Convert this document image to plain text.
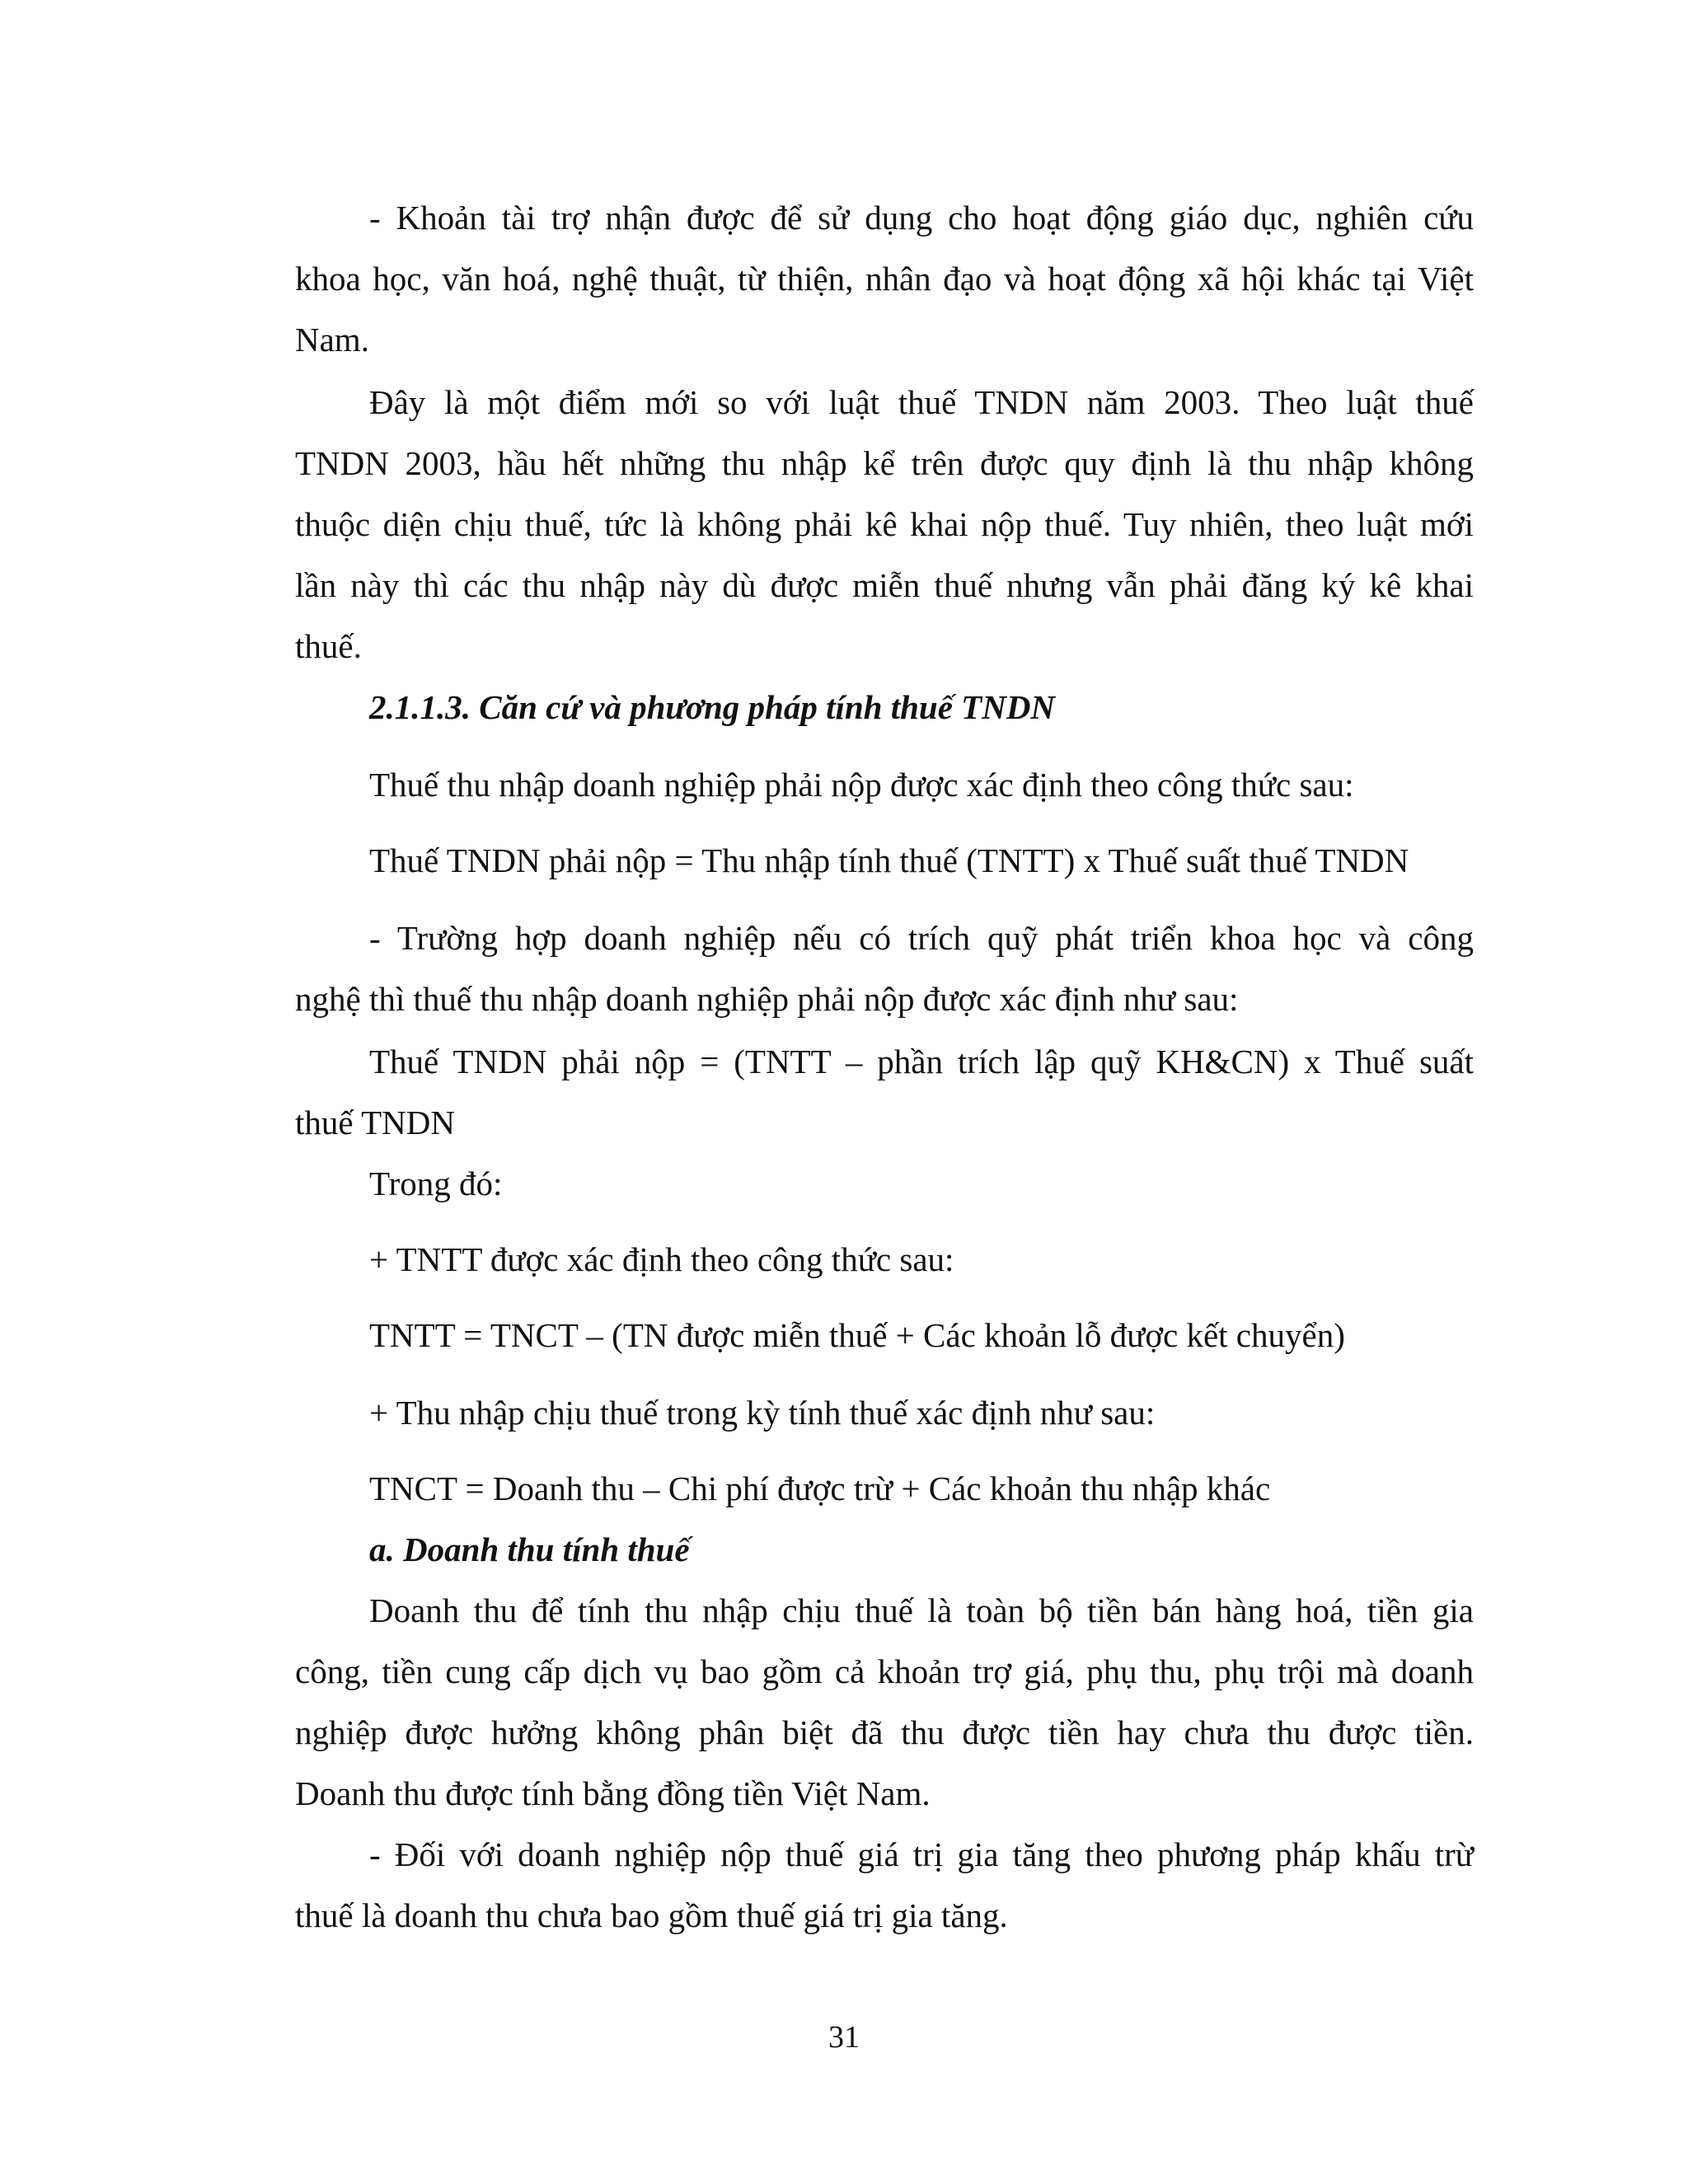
- Khoản tài trợ nhận được để sử dụng cho hoạt động giáo dục, nghiên cứu

khoa học, văn hoá, nghệ thuật, từ thiện, nhân đạo và hoạt động xã hội khác tại Việt

Nam.

Đây là một điểm mới so với luật thuế TNDN năm 2003. Theo luật thuế

TNDN 2003, hầu hết những thu nhập kể trên được quy định là thu nhập không

thuộc diện chịu thuế, tức là không phải kê khai nộp thuế. Tuy nhiên, theo luật mới

lần này thì các thu nhập này dù được miễn thuế nhưng vẫn phải đăng ký kê khai

thuế.

2.1.1.3. Căn cứ và phương pháp tính thuế TNDN

Thuế thu nhập doanh nghiệp phải nộp được xác định theo công thức sau:

Thuế TNDN phải nộp = Thu nhập tính thuế (TNTT) x Thuế suất thuế TNDN

- Trường hợp doanh nghiệp nếu có trích quỹ phát triển khoa học và công

nghệ thì thuế thu nhập doanh nghiệp phải nộp được xác định như sau:

Thuế TNDN phải nộp = (TNTT – phần trích lập quỹ KH&CN) x Thuế suất

thuế TNDN

Trong đó:

+ TNTT được xác định theo công thức sau:

TNTT = TNCT – (TN được miễn thuế + Các khoản lỗ được kết chuyển)

+ Thu nhập chịu thuế trong kỳ tính thuế xác định như sau:

TNCT = Doanh thu – Chi phí được trừ + Các khoản thu nhập khác

a. Doanh thu tính thuế

Doanh thu để tính thu nhập chịu thuế là toàn bộ tiền bán hàng hoá, tiền gia

công, tiền cung cấp dịch vụ bao gồm cả khoản trợ giá, phụ thu, phụ trội mà doanh

nghiệp được hưởng không phân biệt đã thu được tiền hay chưa thu được tiền.

Doanh thu được tính bằng đồng tiền Việt Nam.

- Đối với doanh nghiệp nộp thuế giá trị gia tăng theo phương pháp khấu trừ

thuế là doanh thu chưa bao gồm thuế giá trị gia tăng.

31
